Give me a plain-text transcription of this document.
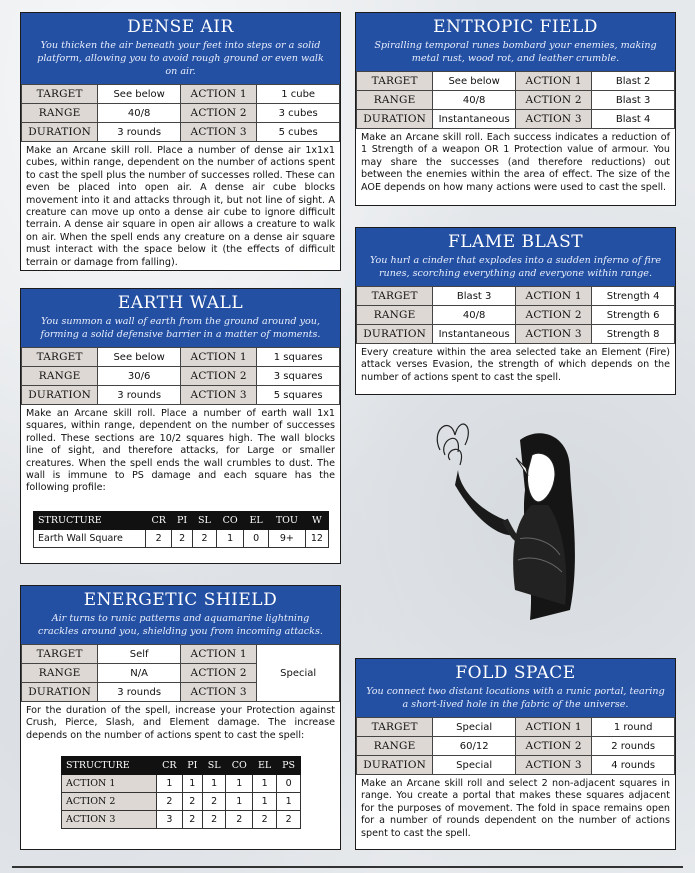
DENSE AIR
You thicken the air beneath your feet into steps or a solid platform, allowing you to avoid rough ground or even walk on air.
TARGET	See below	ACTION 1	1 cube
RANGE	40/8	ACTION 2	3 cubes
DURATION	3 rounds	ACTION 3	5 cubes
Make an Arcane skill roll. Place a number of dense air 1x1x1 cubes, within range, dependent on the number of actions spent to cast the spell plus the number of successes rolled. These can even be placed into open air. A dense air cube blocks movement into it and attacks through it, but not line of sight. A creature can move up onto a dense air cube to ignore difficult terrain. A dense air square in open air allows a creature to walk on air. When the spell ends any creature on a dense air square must interact with the space below it (the effects of difficult terrain or damage from falling).
ENTROPIC FIELD
Spiralling temporal runes bombard your enemies, making metal rust, wood rot, and leather crumble.
TARGET	See below	ACTION 1	Blast 2
RANGE	40/8	ACTION 2	Blast 3
DURATION	Instantaneous	ACTION 3	Blast 4
Make an Arcane skill roll. Each success indicates a reduction of 1 Strength of a weapon OR 1 Protection value of armour. You may share the successes (and therefore reductions) out between the enemies within the area of effect. The size of the AOE depends on how many actions were used to cast the spell.
FLAME BLAST
You hurl a cinder that explodes into a sudden inferno of fire runes, scorching everything and everyone within range.
TARGET	Blast 3	ACTION 1	Strength 4
RANGE	40/8	ACTION 2	Strength 6
DURATION	Instantaneous	ACTION 3	Strength 8
Every creature within the area selected take an Element (Fire) attack verses Evasion, the strength of which depends on the number of actions spent to cast the spell.
EARTH WALL
You summon a wall of earth from the ground around you, forming a solid defensive barrier in a matter of moments.
TARGET	See below	ACTION 1	1 squares
RANGE	30/6	ACTION 2	3 squares
DURATION	3 rounds	ACTION 3	5 squares
Make an Arcane skill roll. Place a number of earth wall 1x1 squares, within range, dependent on the number of successes rolled. These sections are 10/2 squares high. The wall blocks line of sight, and therefore attacks, for Large or smaller creatures. When the spell ends the wall crumbles to dust. The wall is immune to PS damage and each square has the following profile:
STRUCTURE	CR	PI	SL	CO	EL	TOU	W
Earth Wall Square	2	2	2	1	0	9+	12
ENERGETIC SHIELD
Air turns to runic patterns and aquamarine lightning crackles around you, shielding you from incoming attacks.
TARGET	Self	ACTION 1	Special
RANGE	N/A	ACTION 2	
DURATION	3 rounds	ACTION 3	
For the duration of the spell, increase your Protection against Crush, Pierce, Slash, and Element damage. The increase depends on the number of actions spent to cast the spell:
STRUCTURE	CR	PI	SL	CO	EL	PS
ACTION 1	1	1	1	1	1	0
ACTION 2	2	2	2	1	1	1
ACTION 3	3	2	2	2	2	2
FOLD SPACE
You connect two distant locations with a runic portal, tearing a short-lived hole in the fabric of the universe.
TARGET	Special	ACTION 1	1 round
RANGE	60/12	ACTION 2	2 rounds
DURATION	Special	ACTION 3	4 rounds
Make an Arcane skill roll and select 2 non-adjacent squares in range. You create a portal that makes these squares adjacent for the purposes of movement. The fold in space remains open for a number of rounds dependent on the number of actions spent to cast the spell.
